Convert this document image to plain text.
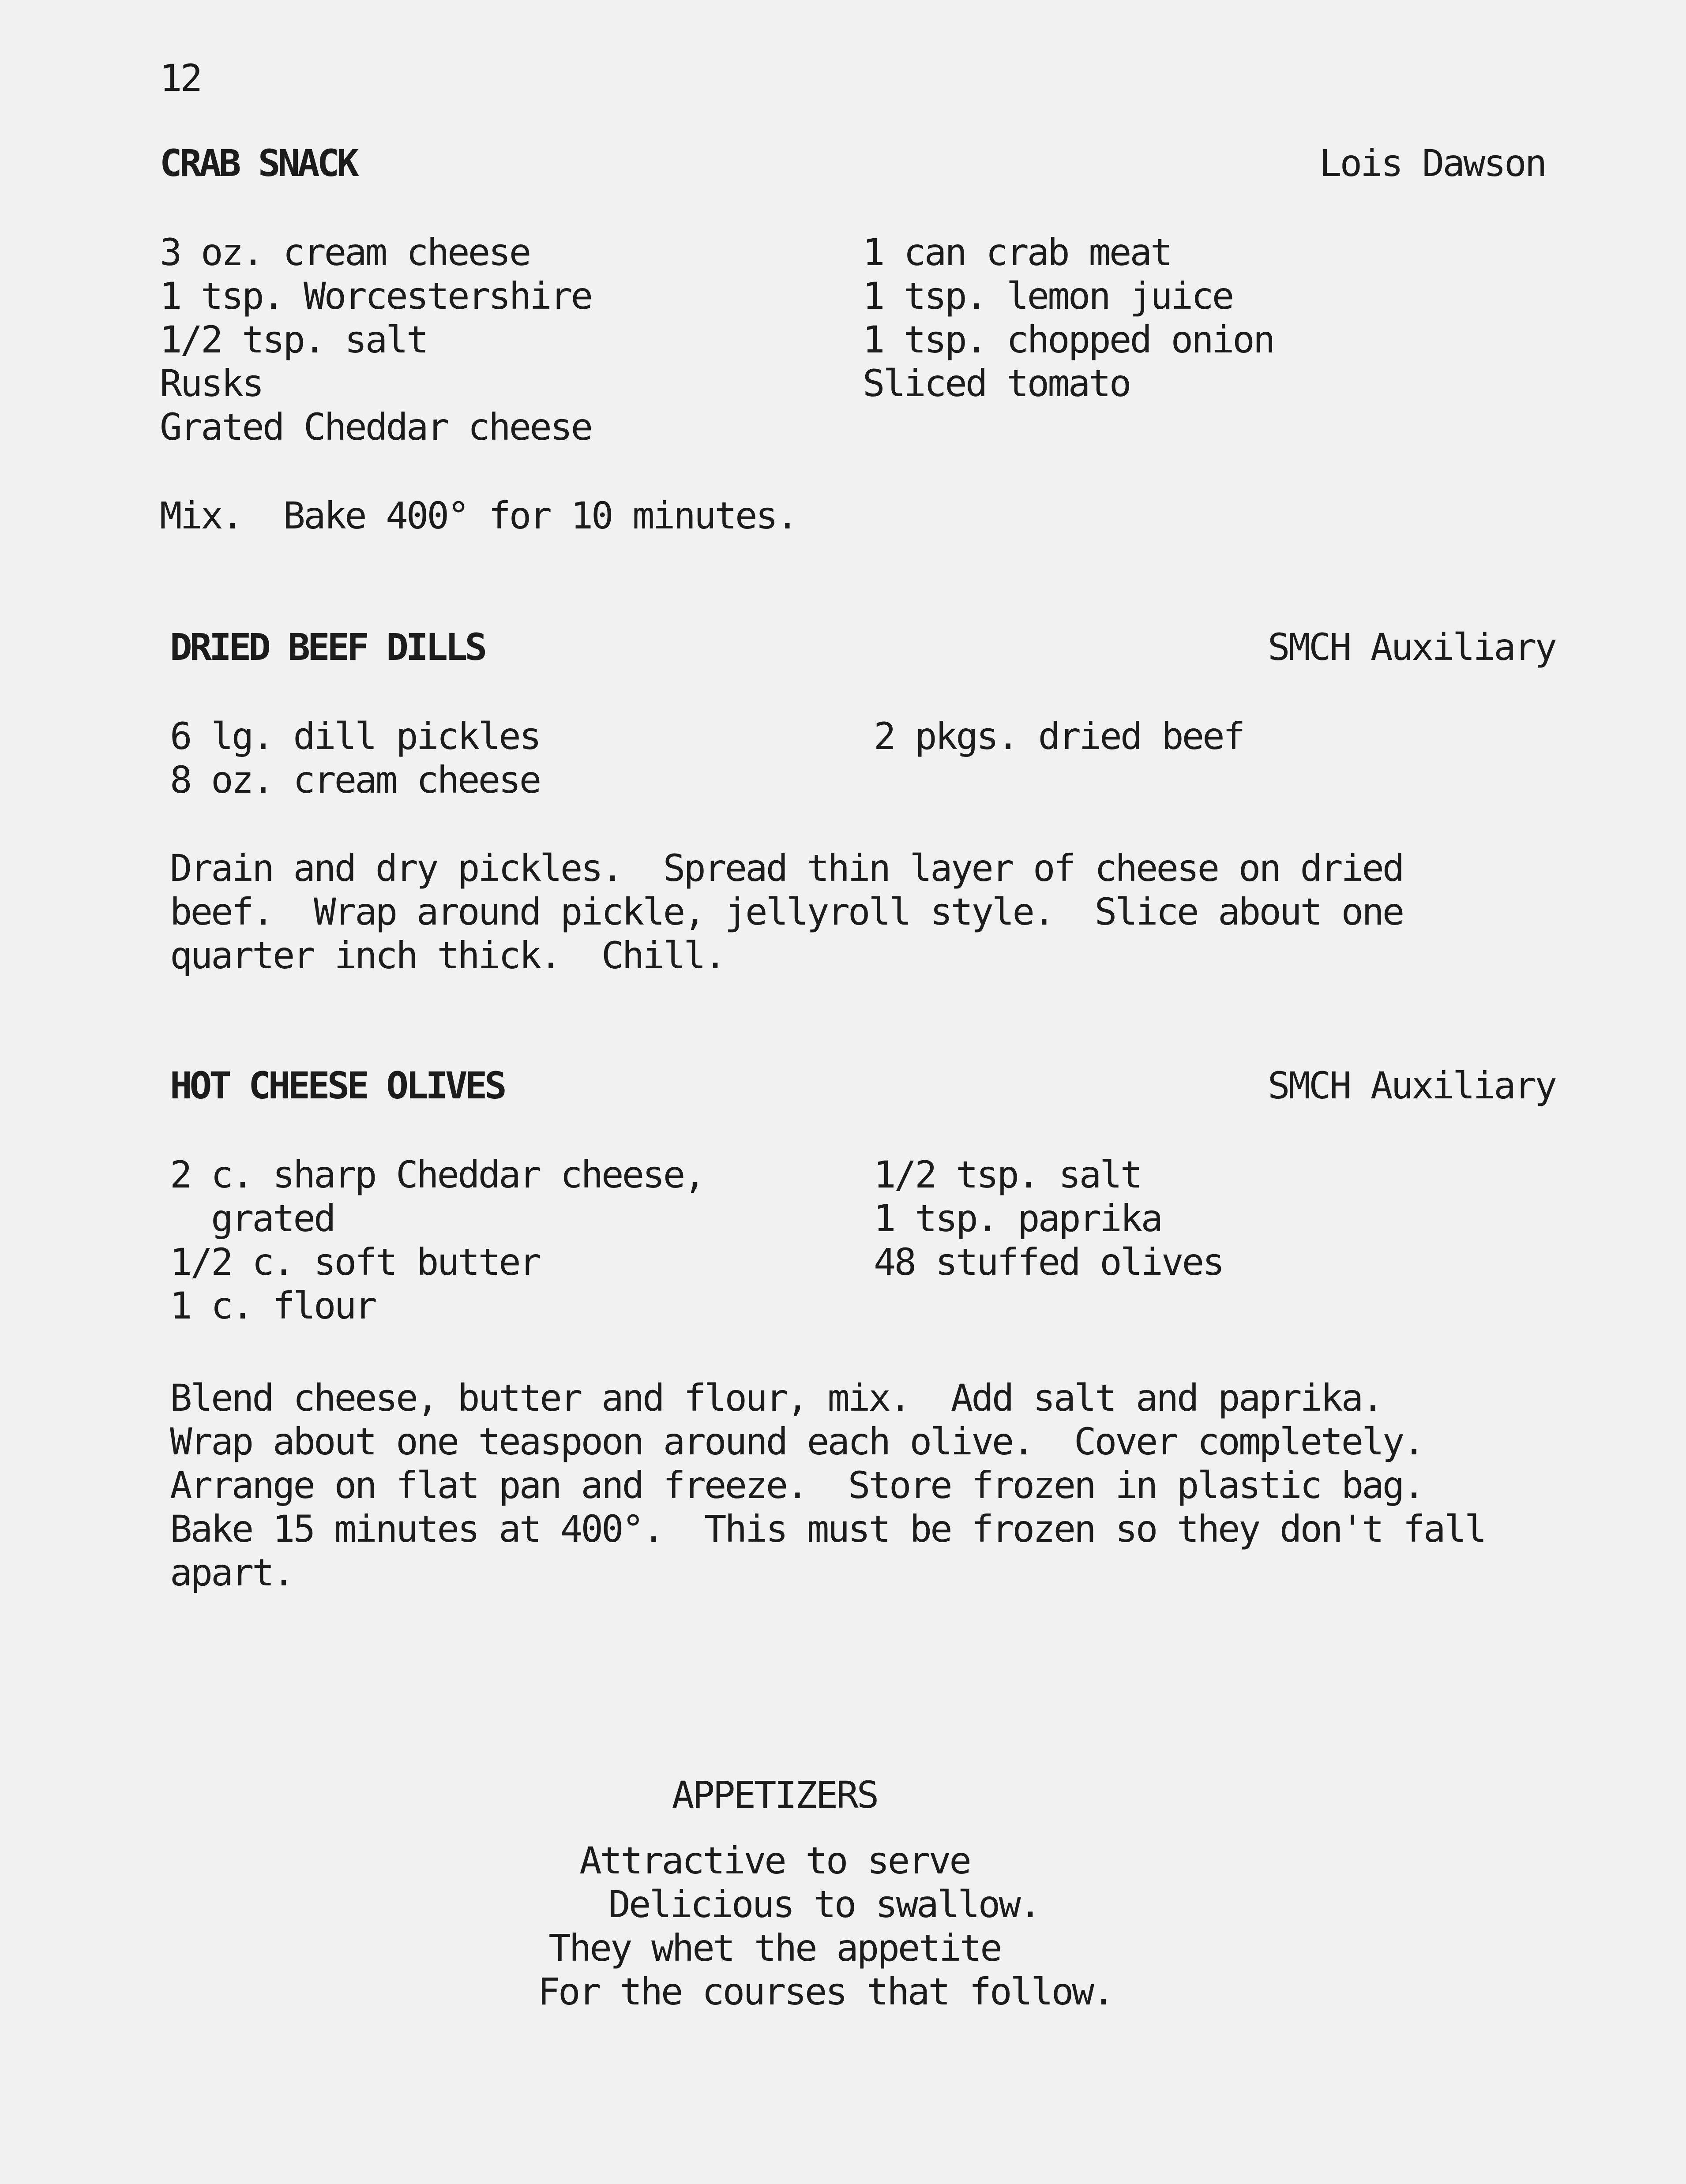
12
CRAB SNACK	Lois Dawson
3 oz. cream cheese
1 tsp. Worcestershire
1/2 tsp. salt
Rusks
Grated Cheddar cheese
1 can crab meat
1 tsp. lemon juice
1 tsp. chopped onion
Sliced tomato
Mix.  Bake 400° for 10 minutes.
DRIED BEEF DILLS	SMCH Auxiliary
6 lg. dill pickles
8 oz. cream cheese
2 pkgs. dried beef
Drain and dry pickles.  Spread thin layer of cheese on dried
beef.  Wrap around pickle, jellyroll style.  Slice about one
quarter inch thick.  Chill.
HOT CHEESE OLIVES	SMCH Auxiliary
2 c. sharp Cheddar cheese,
grated
1/2 c. soft butter
1 c. flour
1/2 tsp. salt
1 tsp. paprika
48 stuffed olives
Blend cheese, butter and flour, mix.  Add salt and paprika.
Wrap about one teaspoon around each olive.  Cover completely.
Arrange on flat pan and freeze.  Store frozen in plastic bag.
Bake 15 minutes at 400°.  This must be frozen so they don't fall
apart.
APPETIZERS
Attractive to serve
Delicious to swallow.
They whet the appetite
For the courses that follow.
